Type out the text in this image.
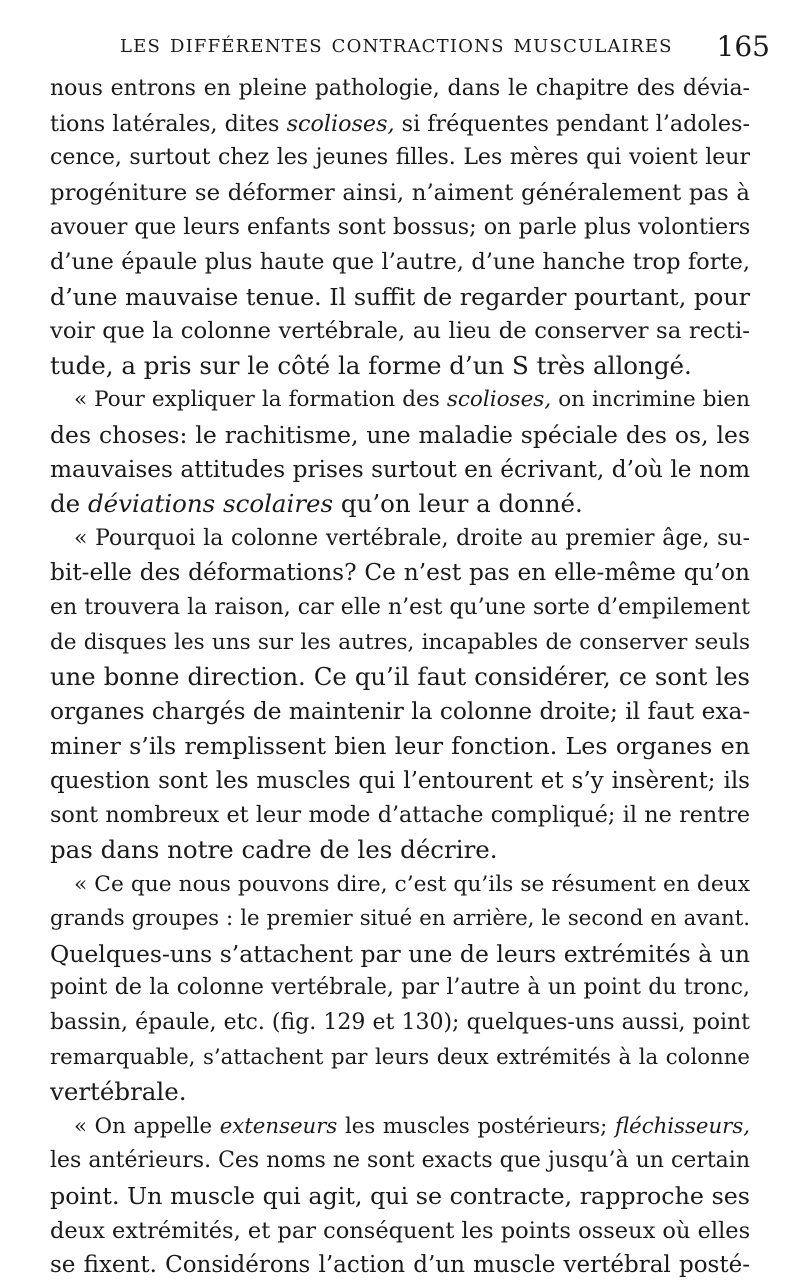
LES DIFFÉRENTES CONTRACTIONS MUSCULAIRES 165
nous entrons en pleine pathologie, dans le chapitre des dévia-
tions latérales, dites scolioses, si fréquentes pendant l’adoles-
cence, surtout chez les jeunes filles. Les mères qui voient leur
progéniture se déformer ainsi, n’aiment généralement pas à
avouer que leurs enfants sont bossus; on parle plus volontiers
d’une épaule plus haute que l’autre, d’une hanche trop forte,
d’une mauvaise tenue. Il suffit de regarder pourtant, pour
voir que la colonne vertébrale, au lieu de conserver sa recti-
tude, a pris sur le côté la forme d’un S très allongé.
« Pour expliquer la formation des scolioses, on incrimine bien
des choses: le rachitisme, une maladie spéciale des os, les
mauvaises attitudes prises surtout en écrivant, d’où le nom
de déviations scolaires qu’on leur a donné.
« Pourquoi la colonne vertébrale, droite au premier âge, su-
bit-elle des déformations? Ce n’est pas en elle-même qu’on
en trouvera la raison, car elle n’est qu’une sorte d’empilement
de disques les uns sur les autres, incapables de conserver seuls
une bonne direction. Ce qu’il faut considérer, ce sont les
organes chargés de maintenir la colonne droite; il faut exa-
miner s’ils remplissent bien leur fonction. Les organes en
question sont les muscles qui l’entourent et s’y insèrent; ils
sont nombreux et leur mode d’attache compliqué; il ne rentre
pas dans notre cadre de les décrire.
« Ce que nous pouvons dire, c’est qu’ils se résument en deux
grands groupes : le premier situé en arrière, le second en avant.
Quelques-uns s’attachent par une de leurs extrémités à un
point de la colonne vertébrale, par l’autre à un point du tronc,
bassin, épaule, etc. (fig. 129 et 130); quelques-uns aussi, point
remarquable, s’attachent par leurs deux extrémités à la colonne
vertébrale.
« On appelle extenseurs les muscles postérieurs; fléchisseurs,
les antérieurs. Ces noms ne sont exacts que jusqu’à un certain
point. Un muscle qui agit, qui se contracte, rapproche ses
deux extrémités, et par conséquent les points osseux où elles
se fixent. Considérons l’action d’un muscle vertébral posté-
